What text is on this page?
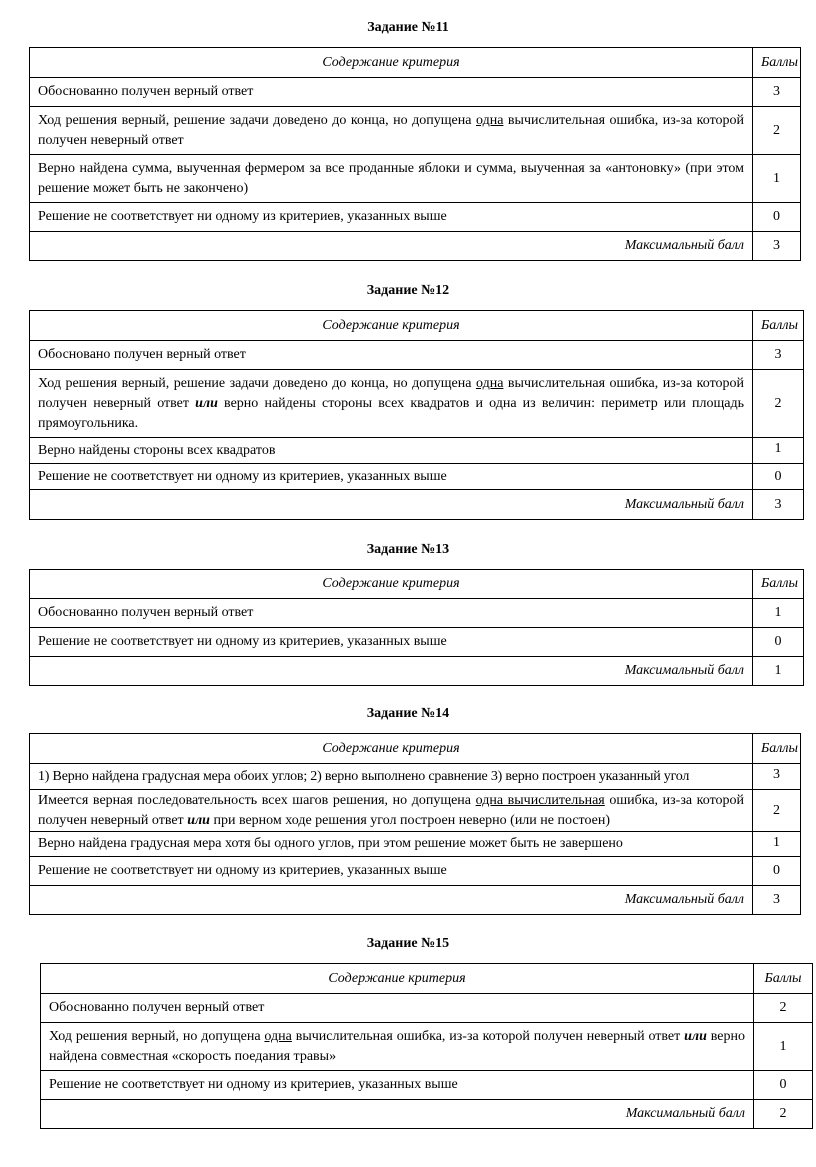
Задание №11
Содержание критерия	Баллы
Обоснованно получен верный ответ	3
Ход решения верный, решение задачи доведено до конца, но допущена одна вычислительная ошибка, из-за которой получен неверный ответ	2
Верно найдена сумма, выученная фермером за все проданные яблоки и сумма, выученная за «антоновку» (при этом решение может быть не закончено)	1
Решение не соответствует ни одному из критериев, указанных выше	0
Максимальный балл	3
Задание №12
Содержание критерия	Баллы
Обосновано получен верный ответ	3
Ход решения верный, решение задачи доведено до конца, но допущена одна вычислительная ошибка, из-за которой получен неверный ответ или верно найдены стороны всех квадратов и одна из величин: периметр или площадь прямоугольника.	2
Верно найдены стороны всех квадратов	1
Решение не соответствует ни одному из критериев, указанных выше	0
Максимальный балл	3
Задание №13
Содержание критерия	Баллы
Обоснованно получен верный ответ	1
Решение не соответствует ни одному из критериев, указанных выше	0
Максимальный балл	1
Задание №14
Содержание критерия	Баллы
1) Верно найдена градусная мера обоих углов; 2) верно выполнено сравнение 3) верно построен указанный угол	3
Имеется верная последовательность всех шагов решения, но допущена одна вычислительная ошибка, из-за которой получен неверный ответ или при верном ходе решения угол построен неверно (или не постоен)	2
Верно найдена градусная мера хотя бы одного углов, при этом решение может быть не завершено	1
Решение не соответствует ни одному из критериев, указанных выше	0
Максимальный балл	3
Задание №15
Содержание критерия	Баллы
Обоснованно получен верный ответ	2
Ход решения верный, но допущена одна вычислительная ошибка, из-за которой получен неверный ответ или верно найдена совместная «скорость поедания травы»	1
Решение не соответствует ни одному из критериев, указанных выше	0
Максимальный балл	2
